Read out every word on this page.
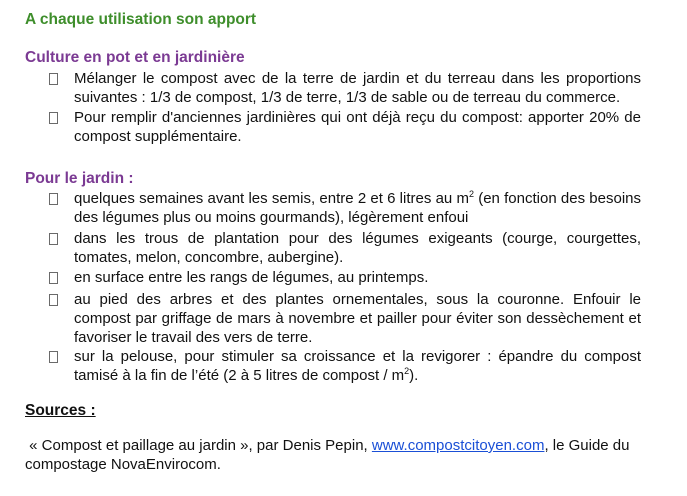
A chaque utilisation son apport
Culture en pot et en jardinière
Mélanger le compost avec de la terre de jardin et du terreau dans les proportions
suivantes : 1/3 de compost, 1/3 de terre, 1/3 de sable ou de terreau du commerce.
Pour remplir d'anciennes jardinières qui ont déjà reçu du compost: apporter 20% de
compost supplémentaire.
Pour le jardin :
quelques semaines avant les semis, entre 2 et 6 litres au $m^2$ (en fonction des besoins
des légumes plus ou moins gourmands), légèrement enfoui
dans les trous de plantation pour des légumes exigeants (courge, courgettes,
tomates, melon, concombre, aubergine).
en surface entre les rangs de légumes, au printemps.
au pied des arbres et des plantes ornementales, sous la couronne. Enfouir le
compost par griffage de mars à novembre et pailler pour éviter son dessèchement et
favoriser le travail des vers de terre.
sur la pelouse, pour stimuler sa croissance et la revigorer : épandre du compost
tamisé à la fin de l’été (2 à 5 litres de compost / $m^2$).
Sources :
« Compost et paillage au jardin », par Denis Pepin, www.compostcitoyen.com, le Guide du
compostage NovaEnvirocom.
